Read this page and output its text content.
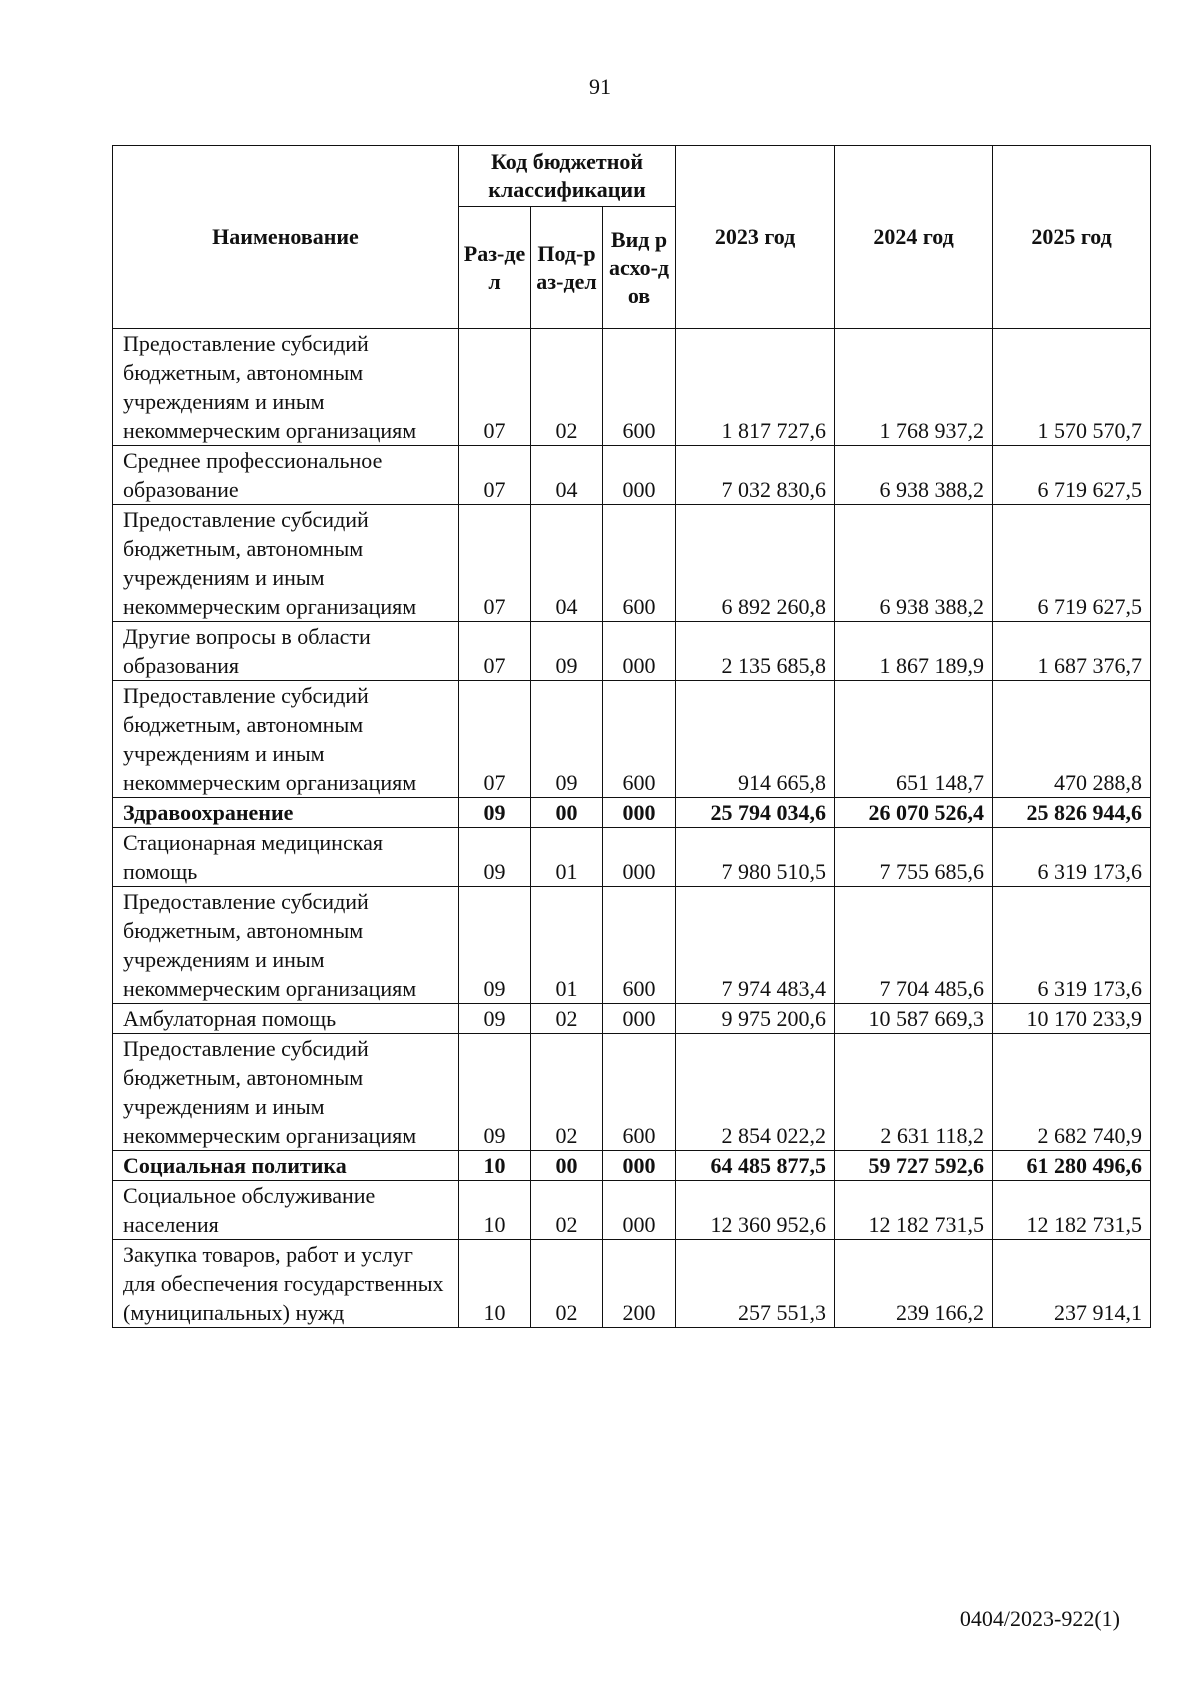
91
Наименование	Код бюджетной классификации			2023 год	2024 год	2025 год
	Раз-дел	Под-раз-дел	Вид расхо-дов			
Предоставление субсидий бюджетным, автономным учреждениям и иным некоммерческим организациям	07	02	600	1 817 727,6	1 768 937,2	1 570 570,7
Среднее профессиональное образование	07	04	000	7 032 830,6	6 938 388,2	6 719 627,5
Предоставление субсидий бюджетным, автономным учреждениям и иным некоммерческим организациям	07	04	600	6 892 260,8	6 938 388,2	6 719 627,5
Другие вопросы в области образования	07	09	000	2 135 685,8	1 867 189,9	1 687 376,7
Предоставление субсидий бюджетным, автономным учреждениям и иным некоммерческим организациям	07	09	600	914 665,8	651 148,7	470 288,8
Здравоохранение	09	00	000	25 794 034,6	26 070 526,4	25 826 944,6
Стационарная медицинская помощь	09	01	000	7 980 510,5	7 755 685,6	6 319 173,6
Предоставление субсидий бюджетным, автономным учреждениям и иным некоммерческим организациям	09	01	600	7 974 483,4	7 704 485,6	6 319 173,6
Амбулаторная помощь	09	02	000	9 975 200,6	10 587 669,3	10 170 233,9
Предоставление субсидий бюджетным, автономным учреждениям и иным некоммерческим организациям	09	02	600	2 854 022,2	2 631 118,2	2 682 740,9
Социальная политика	10	00	000	64 485 877,5	59 727 592,6	61 280 496,6
Социальное обслуживание населения	10	02	000	12 360 952,6	12 182 731,5	12 182 731,5
Закупка товаров, работ и услуг для обеспечения государственных (муниципальных) нужд	10	02	200	257 551,3	239 166,2	237 914,1
0404/2023-922(1)
